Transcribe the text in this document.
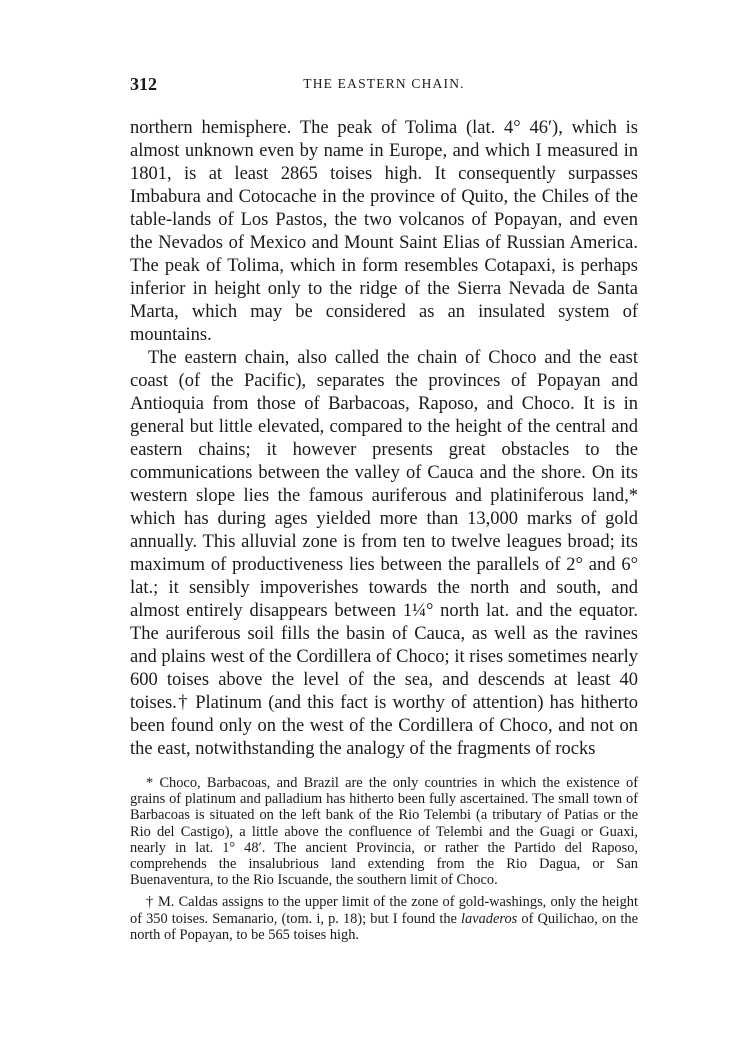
312	THE EASTERN CHAIN.

northern hemisphere. The peak of Tolima (lat. 4° 46′), which is almost unknown even by name in Europe, and which I measured in 1801, is at least 2865 toises high. It consequently surpasses Imbabura and Cotocache in the province of Quito, the Chiles of the table-lands of Los Pastos, the two volcanos of Popayan, and even the Nevados of Mexico and Mount Saint Elias of Russian America. The peak of Tolima, which in form resembles Cotapaxi, is perhaps inferior in height only to the ridge of the Sierra Nevada de Santa Marta, which may be considered as an insulated system of mountains.

The eastern chain, also called the chain of Choco and the east coast (of the Pacific), separates the provinces of Popayan and Antioquia from those of Barbacoas, Raposo, and Choco. It is in general but little elevated, compared to the height of the central and eastern chains; it however presents great obstacles to the communications between the valley of Cauca and the shore. On its western slope lies the famous auriferous and platiniferous land,* which has during ages yielded more than 13,000 marks of gold annually. This alluvial zone is from ten to twelve leagues broad; its maximum of productiveness lies between the parallels of 2° and 6° lat.; it sensibly impoverishes towards the north and south, and almost entirely disappears between 1¼° north lat. and the equator. The auriferous soil fills the basin of Cauca, as well as the ravines and plains west of the Cordillera of Choco; it rises sometimes nearly 600 toises above the level of the sea, and descends at least 40 toises.† Platinum (and this fact is worthy of attention) has hitherto been found only on the west of the Cordillera of Choco, and not on the east, notwithstanding the analogy of the fragments of rocks

* Choco, Barbacoas, and Brazil are the only countries in which the existence of grains of platinum and palladium has hitherto been fully ascertained. The small town of Barbacoas is situated on the left bank of the Rio Telembi (a tributary of Patias or the Rio del Castigo), a little above the confluence of Telembi and the Guagi or Guaxi, nearly in lat. 1° 48′. The ancient Provincia, or rather the Partido del Raposo, comprehends the insalubrious land extending from the Rio Dagua, or San Buenaventura, to the Rio Iscuande, the southern limit of Choco.

† M. Caldas assigns to the upper limit of the zone of gold-washings, only the height of 350 toises. Semanario, (tom. i, p. 18); but I found the lavaderos of Quilichao, on the north of Popayan, to be 565 toises high.
